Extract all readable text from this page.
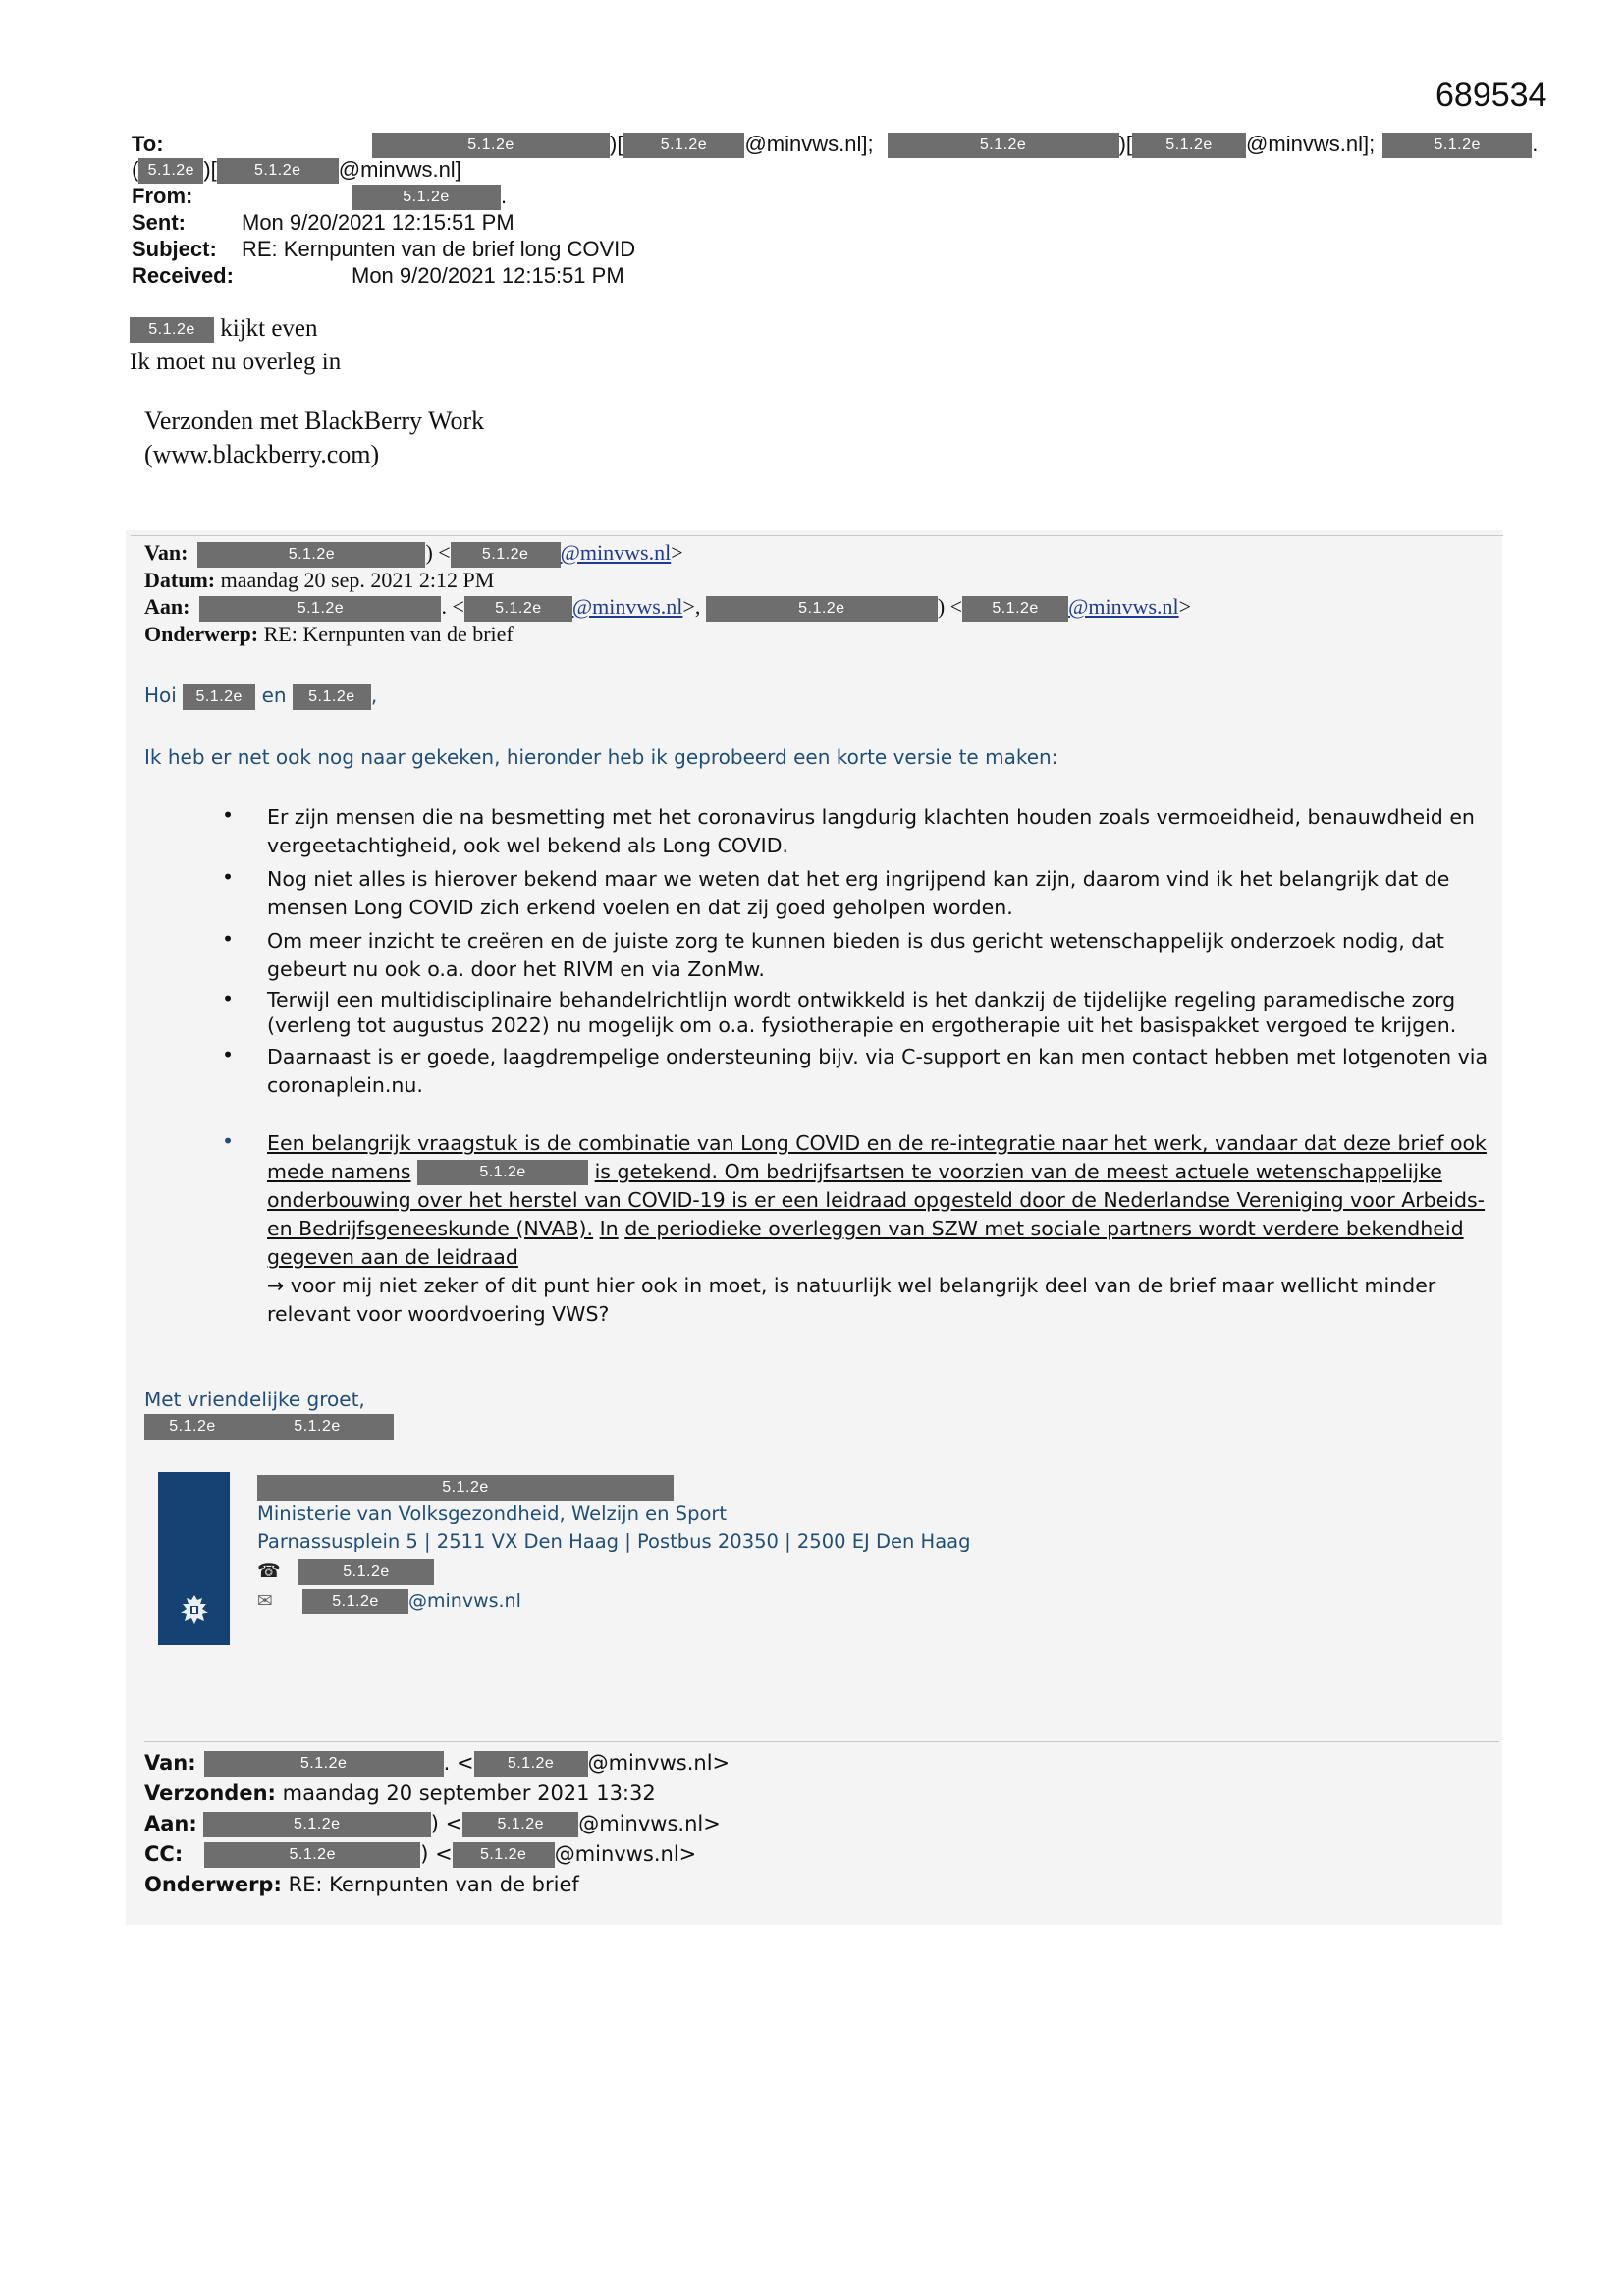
689534
To:	5.1.2e	)[ 5.1.2e @minvws.nl];	5.1.2e	)[ 5.1.2e @minvws.nl];	5.1.2e .
( 5.1.2e )[ 5.1.2e @minvws.nl]
From:	5.1.2e .
Sent:	Mon 9/20/2021 12:15:51 PM
Subject: RE: Kernpunten van de brief long COVID
Received:	Mon 9/20/2021 12:15:51 PM
5.1.2e kijkt even
Ik moet nu overleg in
Verzonden met BlackBerry Work
(www.blackberry.com)
Van:	5.1.2e	) < 5.1.2e @minvws.nl>
Datum: maandag 20 sep. 2021 2:12 PM
Aan:	5.1.2e	. < 5.1.2e @minvws.nl>,	5.1.2e	) < 5.1.2e @minvws.nl>
Onderwerp: RE: Kernpunten van de brief
Hoi 5.1.2e en 5.1.2e ,
Ik heb er net ook nog naar gekeken, hieronder heb ik geprobeerd een korte versie te maken:
• Er zijn mensen die na besmetting met het coronavirus langdurig klachten houden zoals vermoeidheid, benauwdheid en vergeetachtigheid, ook wel bekend als Long COVID.
• Nog niet alles is hierover bekend maar we weten dat het erg ingrijpend kan zijn, daarom vind ik het belangrijk dat de mensen Long COVID zich erkend voelen en dat zij goed geholpen worden.
• Om meer inzicht te creëren en de juiste zorg te kunnen bieden is dus gericht wetenschappelijk onderzoek nodig, dat gebeurt nu ook o.a. door het RIVM en via ZonMw.
• Terwijl een multidisciplinaire behandelrichtlijn wordt ontwikkeld is het dankzij de tijdelijke regeling paramedische zorg (verleng tot augustus 2022) nu mogelijk om o.a. fysiotherapie en ergotherapie uit het basispakket vergoed te krijgen.
• Daarnaast is er goede, laagdrempelige ondersteuning bijv. via C-support en kan men contact hebben met lotgenoten via coronaplein.nu.
• Een belangrijk vraagstuk is de combinatie van Long COVID en de re-integratie naar het werk, vandaar dat deze brief ook mede namens	5.1.2e	is getekend. Om bedrijfsartsen te voorzien van de meest actuele wetenschappelijke onderbouwing over het herstel van COVID-19 is er een leidraad opgesteld door de Nederlandse Vereniging voor Arbeids- en Bedrijfsgeneeskunde (NVAB). In de periodieke overleggen van SZW met sociale partners wordt verdere bekendheid gegeven aan de leidraad
→ voor mij niet zeker of dit punt hier ook in moet, is natuurlijk wel belangrijk deel van de brief maar wellicht minder relevant voor woordvoering VWS?
Met vriendelijke groet,
5.1.2e	5.1.2e
5.1.2e
Ministerie van Volksgezondheid, Welzijn en Sport
Parnassusplein 5 | 2511 VX Den Haag | Postbus 20350 | 2500 EJ Den Haag
☎	5.1.2e
✉	5.1.2e @minvws.nl
Van:	5.1.2e	. < 5.1.2e @minvws.nl>
Verzonden: maandag 20 september 2021 13:32
Aan:	5.1.2e	) < 5.1.2e @minvws.nl>
CC:	5.1.2e	) < 5.1.2e @minvws.nl>
Onderwerp: RE: Kernpunten van de brief
